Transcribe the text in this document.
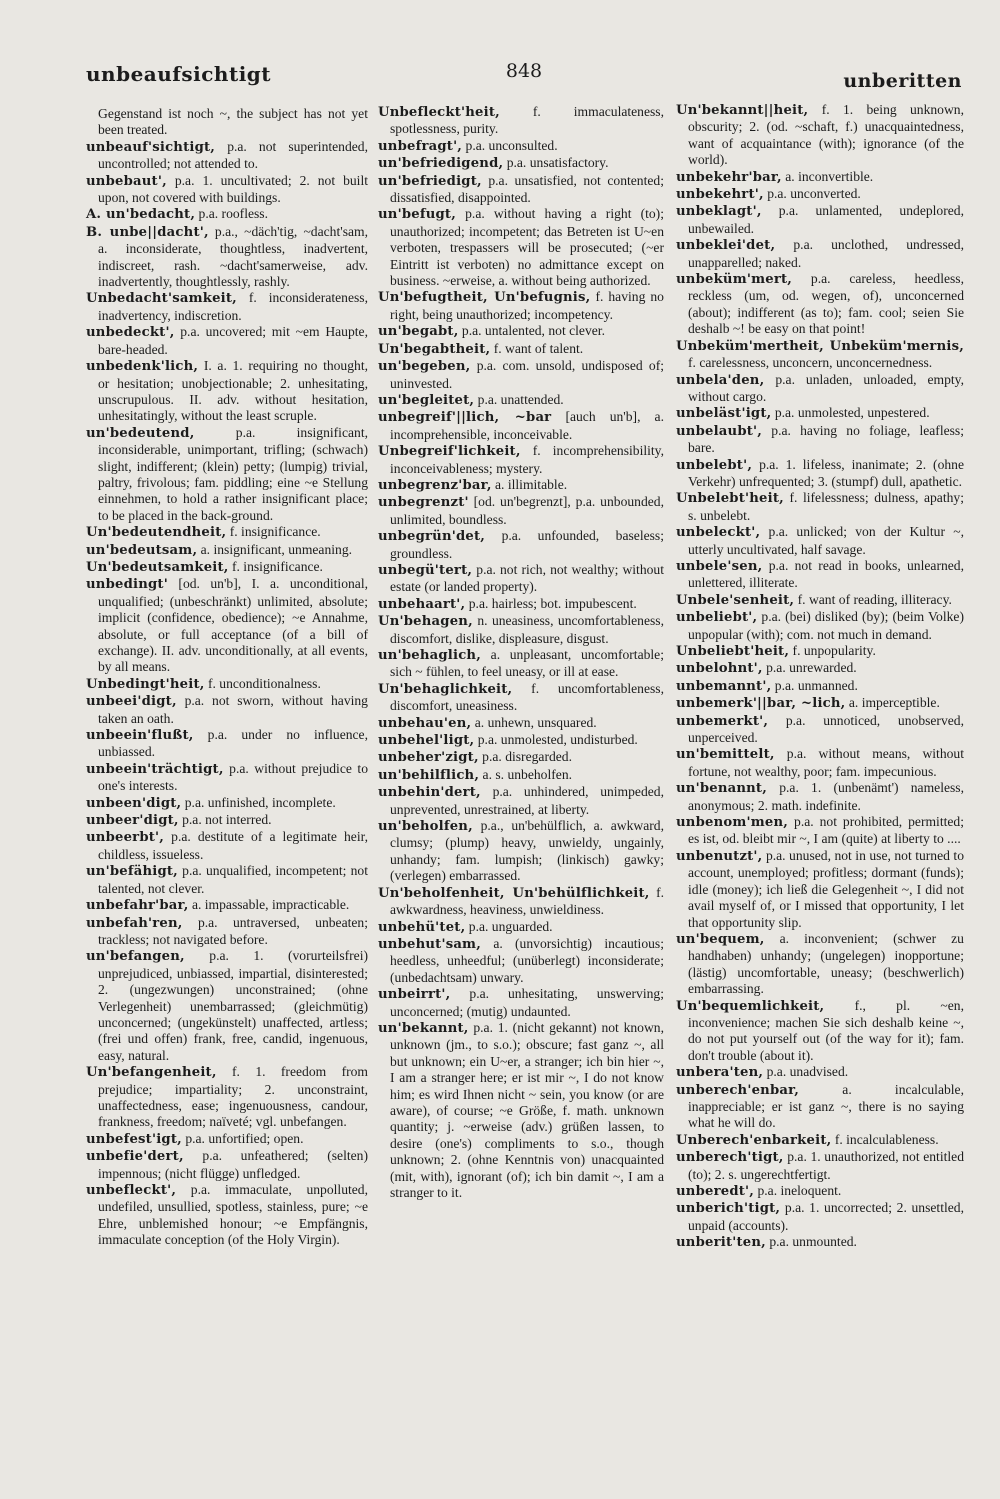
unbeaufsichtigt	848	unberitten

Gegenstand ist noch ~, the subject has not yet been treated.

unbeauf'sichtigt, p.a. not superintended, uncontrolled; not attended to.

unbebaut', p.a. 1. uncultivated; 2. not built upon, not covered with buildings.

A. un'bedacht, p.a. roofless.

B. unbe||dacht', p.a., ~däch'tig, ~dacht'sam, a. inconsiderate, thoughtless, inadvertent, indiscreet, rash. ~dacht'samerweise, adv. inadvertently, thoughtlessly, rashly.

Unbedacht'samkeit, f. inconsiderateness, inadvertency, indiscretion.

unbedeckt', p.a. uncovered; mit ~em Haupte, bare-headed.

unbedenk'lich, I. a. 1. requiring no thought, or hesitation; unobjectionable; 2. unhesitating, unscrupulous. II. adv. without hesitation, unhesitatingly, without the least scruple.

un'bedeutend,	p.a. insignificant, inconsiderable, unimportant, trifling; (schwach) slight, indifferent; (klein) petty; (lumpig) trivial, paltry, frivolous; fam. piddling; eine ~e Stellung einnehmen, to hold a rather insignificant place; to be placed in the back-ground.

Un'bedeutendheit, f. insignificance.

un'bedeutsam, a. insignificant, unmeaning.

Un'bedeutsamkeit, f. insignificance.

unbedingt' [od. un'b], I. a. unconditional, unqualified; (unbeschränkt) unlimited, absolute; implicit (confidence, obedience); ~e Annahme, absolute, or full acceptance (of a bill of exchange). II. adv. unconditionally, at all events, by all means.

Unbedingt'heit, f. unconditionalness.

unbeei'digt, p.a. not sworn, without having taken an oath.

unbeein'flußt, p.a. under no influence, unbiassed.

unbeein'trächtigt, p.a. without prejudice to one's interests.

unbeen'digt, p.a. unfinished, incomplete.

unbeer'digt, p.a. not interred.

unbeerbt', p.a. destitute of a legitimate heir, childless, issueless.

un'befähigt, p.a. unqualified, incompetent; not talented, not clever.

unbefahr'bar, a. impassable, impracticable.

unbefah'ren, p.a. untraversed, unbeaten; trackless; not navigated before.

un'befangen, p.a. 1. (vorurteilsfrei) unprejudiced, unbiassed, impartial, disinterested; 2. (ungezwungen) unconstrained; (ohne Verlegenheit) unembarrassed; (gleichmütig) unconcerned; (ungekünstelt) unaffected, artless; (frei und offen) frank, free, candid, ingenuous, easy, natural.

Un'befangenheit, f. 1. freedom from prejudice; impartiality; 2. unconstraint, unaffectedness, ease; ingenuousness, candour, frankness, freedom; naïveté; vgl. unbefangen.

unbefest'igt, p.a. unfortified; open.

unbefie'dert, p.a. unfeathered; (selten) impennous; (nicht flügge) unfledged.

unbefleckt', p.a. immaculate, unpolluted, undefiled, unsullied, spotless, stainless, pure; ~e Ehre, unblemished honour; ~e Empfängnis, immaculate conception (of the Holy Virgin).

Unbefleckt'heit, f. immaculateness, spotlessness, purity.

unbefragt', p.a. unconsulted.

un'befriedigend, p.a. unsatisfactory.

un'befriedigt, p.a. unsatisfied, not contented; dissatisfied, disappointed.

un'befugt, p.a. without having a right (to); unauthorized; incompetent; das Betreten ist U~en verboten, trespassers will be prosecuted; (~er Eintritt ist verboten) no admittance except on business. ~erweise, a. without being authorized.

Un'befugtheit, Un'befugnis, f. having no right, being unauthorized; incompetency.

un'begabt, p.a. untalented, not clever.

Un'begabtheit, f. want of talent.

un'begeben, p.a. com. unsold, undisposed of; uninvested.

un'begleitet, p.a. unattended.

unbegreif'||lich, ~bar [auch un'b], a. incomprehensible, inconceivable.

Unbegreif'lichkeit, f. incomprehensibility, inconceivableness; mystery.

unbegrenz'bar, a. illimitable.

unbegrenzt' [od. un'begrenzt], p.a. unbounded, unlimited, boundless.

unbegrün'det, p.a. unfounded, baseless; groundless.

unbegü'tert, p.a. not rich, not wealthy; without estate (or landed property).

unbehaart', p.a. hairless; bot. impubescent.

Un'behagen, n. uneasiness, uncomfortableness, discomfort, dislike, displeasure, disgust.

un'behaglich, a. unpleasant, uncomfortable; sich ~ fühlen, to feel uneasy, or ill at ease.

Un'behaglichkeit, f. uncomfortableness, discomfort, uneasiness.

unbehau'en, a. unhewn, unsquared.

unbehel'ligt, p.a. unmolested, undisturbed.

unbeher'zigt, p.a. disregarded.

un'behilflich, a. s. unbeholfen.

unbehin'dert, p.a. unhindered, unimpeded, unprevented, unrestrained, at liberty.

un'beholfen, p.a., un'behülflich, a. awkward, clumsy; (plump) heavy, unwieldy, ungainly, unhandy; fam. lumpish; (linkisch) gawky; (verlegen) embarrassed.

Un'beholfenheit, Un'behülflichkeit, f. awkwardness, heaviness, unwieldiness.

unbehü'tet, p.a. unguarded.

unbehut'sam, a. (unvorsichtig) incautious; heedless, unheedful; (unüberlegt) inconsiderate; (unbedachtsam) unwary.

unbeirrt', p.a. unhesitating, unswerving; unconcerned; (mutig) undaunted.

un'bekannt, p.a. 1. (nicht gekannt) not known, unknown (jm., to s.o.); obscure; fast ganz ~, all but unknown; ein U~er, a stranger; ich bin hier ~, I am a stranger here; er ist mir ~, I do not know him; es wird Ihnen nicht ~ sein, you know (or are aware), of course; ~e Größe, f. math. unknown quantity; j. ~erweise (adv.) grüßen lassen, to desire (one's) compliments to s.o., though unknown; 2. (ohne Kenntnis von) unacquainted (mit, with), ignorant (of); ich bin damit ~, I am a stranger to it.

Un'bekannt||heit, f. 1. being unknown, obscurity; 2. (od. ~schaft, f.) unacquaintedness, want of acquaintance (with); ignorance (of the world).

unbekehr'bar, a. inconvertible.

unbekehrt', p.a. unconverted.

unbeklagt', p.a. unlamented, undeplored, unbewailed.

unbeklei'det, p.a. unclothed, undressed, unapparelled; naked.

unbeküm'mert, p.a. careless, heedless, reckless (um, od. wegen, of), unconcerned (about); indifferent (as to); fam. cool; seien Sie deshalb ~! be easy on that point!

Unbeküm'mertheit, Unbeküm'mernis, f. carelessness, unconcern, unconcernedness.

unbela'den, p.a. unladen, unloaded, empty, without cargo.

unbeläst'igt, p.a. unmolested, unpestered.

unbelaubt', p.a. having no foliage, leafless; bare.

unbelebt', p.a. 1. lifeless, inanimate; 2. (ohne Verkehr) unfrequented; 3. (stumpf) dull, apathetic.

Unbelebt'heit, f. lifelessness; dulness, apathy; s. unbelebt.

unbeleckt', p.a. unlicked; von der Kultur ~, utterly uncultivated, half savage.

unbele'sen, p.a. not read in books, unlearned, unlettered, illiterate.

Unbele'senheit, f. want of reading, illiteracy.

unbeliebt', p.a. (bei) disliked (by); (beim Volke) unpopular (with); com. not much in demand.

Unbeliebt'heit, f. unpopularity.

unbelohnt', p.a. unrewarded.

unbemannt', p.a. unmanned.

unbemerk'||bar, ~lich, a. imperceptible.

unbemerkt', p.a. unnoticed, unobserved, unperceived.

un'bemittelt, p.a. without means, without fortune, not wealthy, poor; fam. impecunious.

un'benannt, p.a. 1. (unbenämt') nameless, anonymous; 2. math. indefinite.

unbenom'men, p.a. not prohibited, permitted; es ist, od. bleibt mir ~, I am (quite) at liberty to ....

unbenutzt', p.a. unused, not in use, not turned to account, unemployed; profitless; dormant (funds); idle (money); ich ließ die Gelegenheit ~, I did not avail myself of, or I missed that opportunity, I let that opportunity slip.

un'bequem, a. inconvenient; (schwer zu handhaben) unhandy; (ungelegen) inopportune; (lästig) uncomfortable, uneasy; (beschwerlich) embarrassing.

Un'bequemlichkeit, f., pl. ~en, inconvenience; machen Sie sich deshalb keine ~, do not put yourself out (of the way for it); fam. don't trouble (about it).

unbera'ten, p.a. unadvised.

unberech'enbar,	a. incalculable, inappreciable; er ist ganz ~, there is no saying what he will do.

Unberech'enbarkeit, f. incalculableness.

unberech'tigt, p.a. 1. unauthorized, not entitled (to); 2. s. ungerechtfertigt.

unberedt', p.a. ineloquent.

unberich'tigt, p.a. 1. uncorrected; 2. unsettled, unpaid (accounts).

unberit'ten, p.a. unmounted.
